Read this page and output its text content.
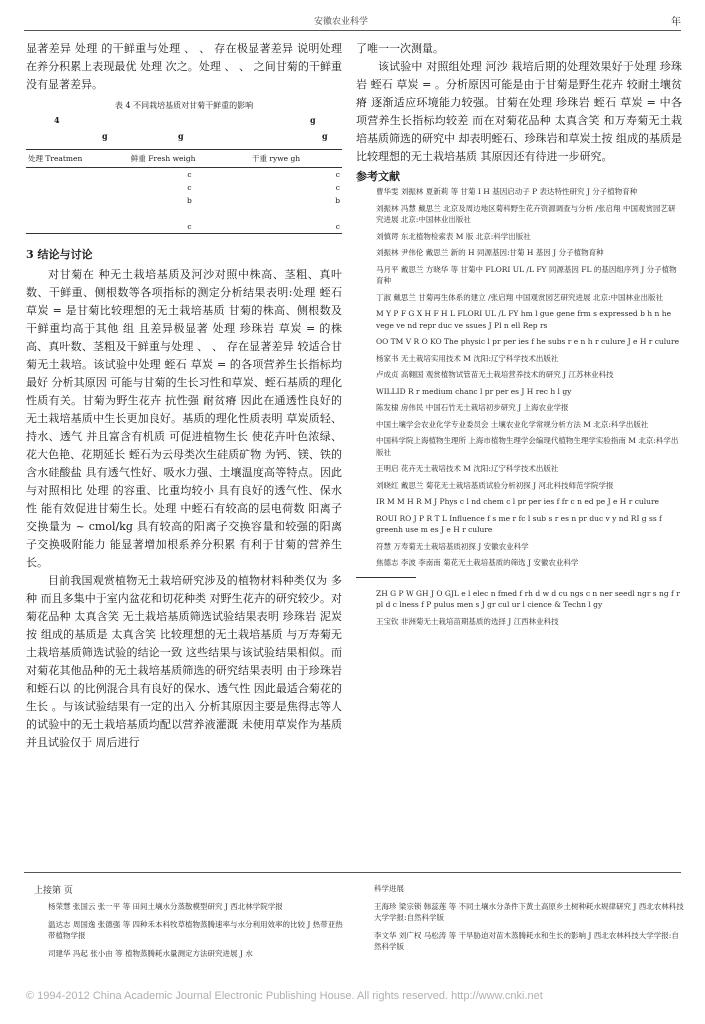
安徽农业科学	年

显著差异 处理 的干鲜重与处理 、 、 存在极显著差异 说明处理 在养分积累上表现最优 处理 次之。处理 、 、 之间甘菊的干鲜重没有显著差异。

表 4 不同栽培基质对甘菊干鲜重的影响
4	g
g	g	g
处理 Treatmen	鲜重 Fresh weigh	干重 rywe gh
	c	c
	c	c
	b	b

	c	c
3 结论与讨论

对甘菊在 种无土栽培基质及河沙对照中株高、茎粗、真叶数、干鲜重、侧根数等各项指标的测定分析结果表明:处理 蛭石 草炭 = 是甘菊比较理想的无土栽培基质 甘菊的株高、侧根数及干鲜重均高于其他 组 且差异极显著 处理 珍珠岩 草炭 = 的株高、真叶数、茎粗及干鲜重与处理 、 、 存在显著差异 较适合甘菊无土栽培。该试验中处理 蛭石 草炭 = 的各项营养生长指标均最好 分析其原因 可能与甘菊的生长习性和草炭、蛭石基质的理化性质有关。甘菊为野生花卉 抗性强 耐贫瘠 因此在通透性良好的无土栽培基质中生长更加良好。基质的理化性质表明 草炭质轻、持水、透气 并且富含有机质 可促进植物生长 使花卉叶色浓绿、花大色艳、花期延长 蛭石为云母类次生硅质矿物 为钙、镁、铁的含水硅酸盐 具有透气性好、吸水力强、土壤温度高等特点。因此 与对照相比 处理 的容重、比重均较小 具有良好的透气性、保水性 能有效促进甘菊生长。处理 中蛭石有较高的层电荷数 阳离子交换量为 ~ cmol/kg 具有较高的阳离子交换容量和较强的阳离子交换吸附能力 能显著增加根系养分积累 有利于甘菊的营养生长。

目前我国观赏植物无土栽培研究涉及的植物材料种类仅为 多种 而且多集中于室内盆花和切花种类 对野生花卉的研究较少。对菊花品种 太真含笑 无土栽培基质筛选试验结果表明 珍珠岩 泥炭按 组成的基质是 太真含笑 比较理想的无土栽培基质 与万寿菊无土栽培基质筛选试验的结论一致 这些结果与该试验结果相似。而对菊花其他品种的无土栽培基质筛选的研究结果表明 由于珍珠岩和蛭石以 的比例混合具有良好的保水、透气性 因此最适合菊花的生长 。与该试验结果有一定的出入 分析其原因主要是焦得志等人的试验中的无土栽培基质均配以营养液灌溉 未使用草炭作为基质 并且试验仅于 周后进行

了唯一一次测量。

该试验中 对照组处理 河沙 栽培后期的处理效果好于处理 珍珠岩 蛭石 草炭 = 。分析原因可能是由于甘菊是野生花卉 较耐土壤贫瘠 逐渐适应环境能力较强。甘菊在处理 珍珠岩 蛭石 草炭 = 中各项营养生长指标均较差 而在对菊花品种 太真含笑 和万寿菊无土栽培基质筛选的研究中 却表明蛭石、珍珠岩和草炭土按 组成的基质是比较理想的无土栽培基质 其原因还有待进一步研究。

参考文献
曹华雯 刘振林 夏新莉 等 甘菊 I H 基因启动子 P 表达特性研究 J 分子植物育种
刘振林 冯慧 戴思兰 北京及周边地区菊科野生花卉资源调查与分析 /张启翔 中国观赏园艺研究进展 北京:中国林业出版社
刘慎谔 东北植物检索表 M 版 北京:科学出版社
刘振林 尹伟伦 戴思兰 新的 H 同源基因:甘菊 H 基因 J 分子植物育种
马月平 戴思兰 方晓华 等 甘菊中 FLORI UL /L FY 同源基因 FL 的基因组序列 J 分子植物育种
丁淑 戴思兰 甘菊再生体系的建立 /张启翔 中国观赏园艺研究进展 北京:中国林业出版社
M Y P F G X H F H L FLORI UL /L FY hm l gue gene frm s expressed b h n he vege ve nd repr duc ve ssues J Pl n ell Rep rs
OO TM V R O KO The physic l pr per ies f he subs r e n h r culure J e H r culure
杨家书 无土栽培实用技术 M 沈阳:辽宁科学技术出版社
卢成贞 高翱国 观赏植物试管苗无土栽培营养技术的研究 J 江苏林业科技
WILLID R r medium chanc l pr per es J H rec h l gy
陈发棣 房伟民 中国石竹无土栽培初步研究 J 上海农业学报
中国土壤学会农业化学专业委员会 土壤农业化学常规分析方法 M 北京:科学出版社
中国科学院上海植物生理所 上海市植物生理学会编现代植物生理学实验指南 M 北京:科学出版社
王明启 花卉无土栽培技术 M 沈阳:辽宁科学技术出版社
刘晓红 戴思兰 菊花无土栽培基质试验分析初探 J 河北科技师范学院学报
IR M M H R M J Phys c l nd chem c l pr per ies f fr c n ed pe J e H r culure
ROUI RO J P R T L Influence f s me r fc l sub s r es n pr duc v y nd RI g ss f greenh use m es J e H r culure
符慧 万寿菊无土栽培基质初探 J 安徽农业科学
焦德志 李波 李南南 菊花无土栽培基质的筛选 J 安徽农业科学
ZH G P W GH J O GJL e l elec n fmed f rh d w d cu ngs c n ner seedl ngr s ng f r pl d c lness f P pulus men s J gr cul ur l cience & Techn l gy
王宝钦 非洲菊无土栽培苗期基质的选择 J 江西林业科技
上接第 页

杨荣慧 张国云 张一平 等 田间土壤水分蒸散模型研究 J 西北林学院学报

温达志 周国逸 张德强 等 四种禾本科牧草植物蒸腾速率与水分利用效率的比较 J 热带亚热带植物学报

司建华 冯起 张小由 等 植物蒸腾耗水量测定方法研究进展 J 水

科学进展

王海珍 梁宗锁 韩蕊莲 等 不同土壤水分条件下黄土高原乡土树种耗水规律研究 J 西北农林科技大学学报:自然科学版

李文华 刘广权 马松涛 等 干旱胁迫对苗木蒸腾耗水和生长的影响 J 西北农林科技大学学报:自然科学版

© 1994-2012 China Academic Journal Electronic Publishing House. All rights reserved. http://www.cnki.net
